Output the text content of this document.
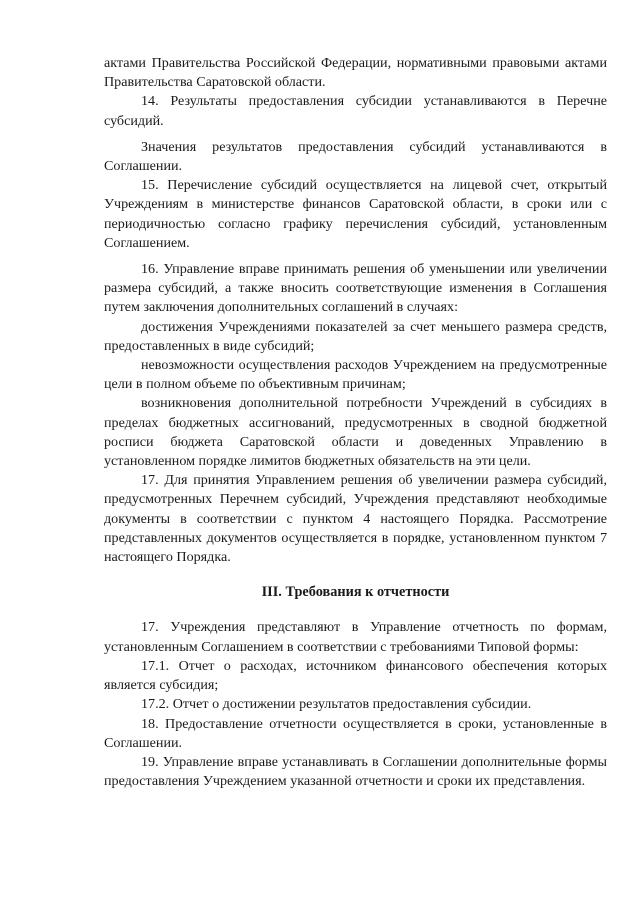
актами Правительства Российской Федерации, нормативными правовыми актами Правительства Саратовской области.

14. Результаты предоставления субсидии устанавливаются в Перечне субсидий.

Значения результатов предоставления субсидий устанавливаются в Соглашении.

15. Перечисление субсидий осуществляется на лицевой счет, открытый Учреждениям в министерстве финансов Саратовской области, в сроки или с периодичностью согласно графику перечисления субсидий, установленным Соглашением.

16. Управление вправе принимать решения об уменьшении или увеличении размера субсидий, а также вносить соответствующие изменения в Соглашения путем заключения дополнительных соглашений в случаях:

достижения Учреждениями показателей за счет меньшего размера средств, предоставленных в виде субсидий;

невозможности осуществления расходов Учреждением на предусмотренные цели в полном объеме по объективным причинам;

возникновения дополнительной потребности Учреждений в субсидиях в пределах бюджетных ассигнований, предусмотренных в сводной бюджетной росписи бюджета Саратовской области и доведенных Управлению в установленном порядке лимитов бюджетных обязательств на эти цели.

17. Для принятия Управлением решения об увеличении размера субсидий, предусмотренных Перечнем субсидий, Учреждения представляют необходимые документы в соответствии с пунктом 4 настоящего Порядка. Рассмотрение представленных документов осуществляется в порядке, установленном пунктом 7 настоящего Порядка.

III. Требования к отчетности

17. Учреждения представляют в Управление отчетность по формам, установленным Соглашением в соответствии с требованиями Типовой формы:

17.1. Отчет о расходах, источником финансового обеспечения которых является субсидия;

17.2. Отчет о достижении результатов предоставления субсидии.

18. Предоставление отчетности осуществляется в сроки, установленные в Соглашении.

19. Управление вправе устанавливать в Соглашении дополнительные формы предоставления Учреждением указанной отчетности и сроки их представления.
